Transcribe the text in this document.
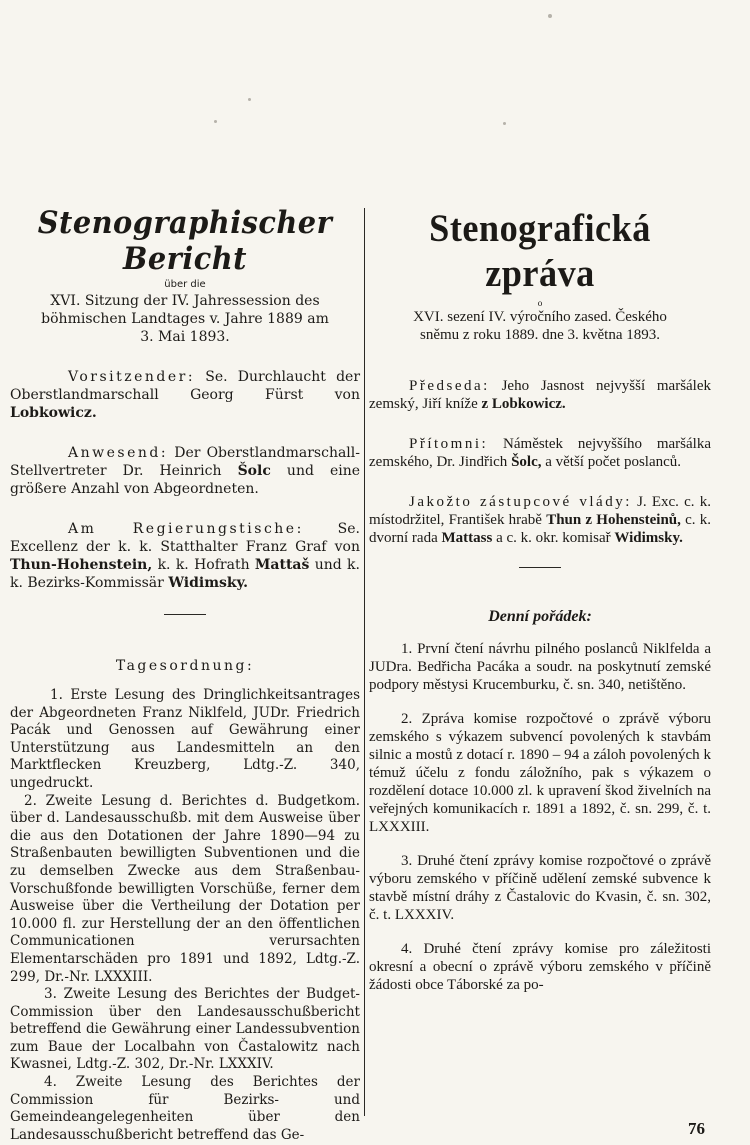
Stenographischer Bericht
über die
XVI. Sitzung der IV. Jahressession des
böhmischen Landtages v. Jahre 1889 am
3. Mai 1893.

Vorsitzender: Se. Durchlaucht der Oberstlandmarschall Georg Fürst von Lobkowicz.

Anwesend: Der Oberstlandmarschall-Stellvertreter Dr. Heinrich Šolc und eine größere Anzahl von Abgeordneten.

Am Regierungstische: Se. Excellenz der k. k. Statthalter Franz Graf von Thun-Hohenstein, k. k. Hofrath Mattaš und k. k. Bezirks-Kommissär Widimsky.

Tagesordnung:

1. Erste Lesung des Dringlichkeitsantrages der Abgeordneten Franz Niklfeld, JUDr. Friedrich Pacák und Genossen auf Gewährung einer Unterstützung aus Landesmitteln an den Marktflecken Kreuzberg, Ldtg.-Z. 340, ungedruckt.

2. Zweite Lesung d. Berichtes d. Budgetkom. über d. Landesausschußb. mit dem Ausweise über die aus den Dotationen der Jahre 1890—94 zu Straßenbauten bewilligten Subventionen und die zu demselben Zwecke aus dem Straßenbau-Vorschußfonde bewilligten Vorschüße, ferner dem Ausweise über die Vertheilung der Dotation per 10.000 fl. zur Herstellung der an den öffentlichen Communicationen verursachten Elementarschäden pro 1891 und 1892, Ldtg.-Z. 299, Dr.-Nr. LXXXIII.

3. Zweite Lesung des Berichtes der Budget-Commission über den Landesausschußbericht betreffend die Gewährung einer Landessubvention zum Baue der Localbahn von Častalowitz nach Kwasnei, Ldtg.-Z. 302, Dr.-Nr. LXXXIV.

4. Zweite Lesung des Berichtes der Commission für Bezirks- und Gemeindeangelegenheiten über den Landesausschußbericht betreffend das Ge-

Stenografická zpráva
o
XVI. sezení IV. výročního zased. Českého
sněmu z roku 1889. dne 3. května 1893.

Předseda: Jeho Jasnost nejvyšší maršálek zemský, Jiří kníže z Lobkowicz.

Přítomni: Náměstek nejvyššího maršálka zemského, Dr. Jindřich Šolc, a větší počet poslanců.

Jakožto zástupcové vlády: J. Exc. c. k. místodržitel, František hrabě Thun z Hohensteinů, c. k. dvorní rada Mattass a c. k. okr. komisař Widimsky.

Denní pořádek:

1. První čtení návrhu pilného poslanců Niklfelda a JUDra. Bedřicha Pacáka a soudr. na poskytnutí zemské podpory městysi Krucemburku, č. sn. 340, netištěno.

2. Zpráva komise rozpočtové o zprávě výboru zemského s výkazem subvencí povolených k stavbám silnic a mostů z dotací r. 1890 – 94 a záloh povolených k témuž účelu z fondu záložního, pak s výkazem o rozdělení dotace 10.000 zl. k upravení škod živelních na veřejných komunikacích r. 1891 a 1892, č. sn. 299, č. t. LXXXIII.

3. Druhé čtení zprávy komise rozpočtové o zprávě výboru zemského v příčině udělení zemské subvence k stavbě místní dráhy z Častalovic do Kvasin, č. sn. 302, č. t. LXXXIV.

4. Druhé čtení zprávy komise pro záležitosti okresní a obecní o zprávě výboru zemského v příčině žádosti obce Táborské za po-

76
